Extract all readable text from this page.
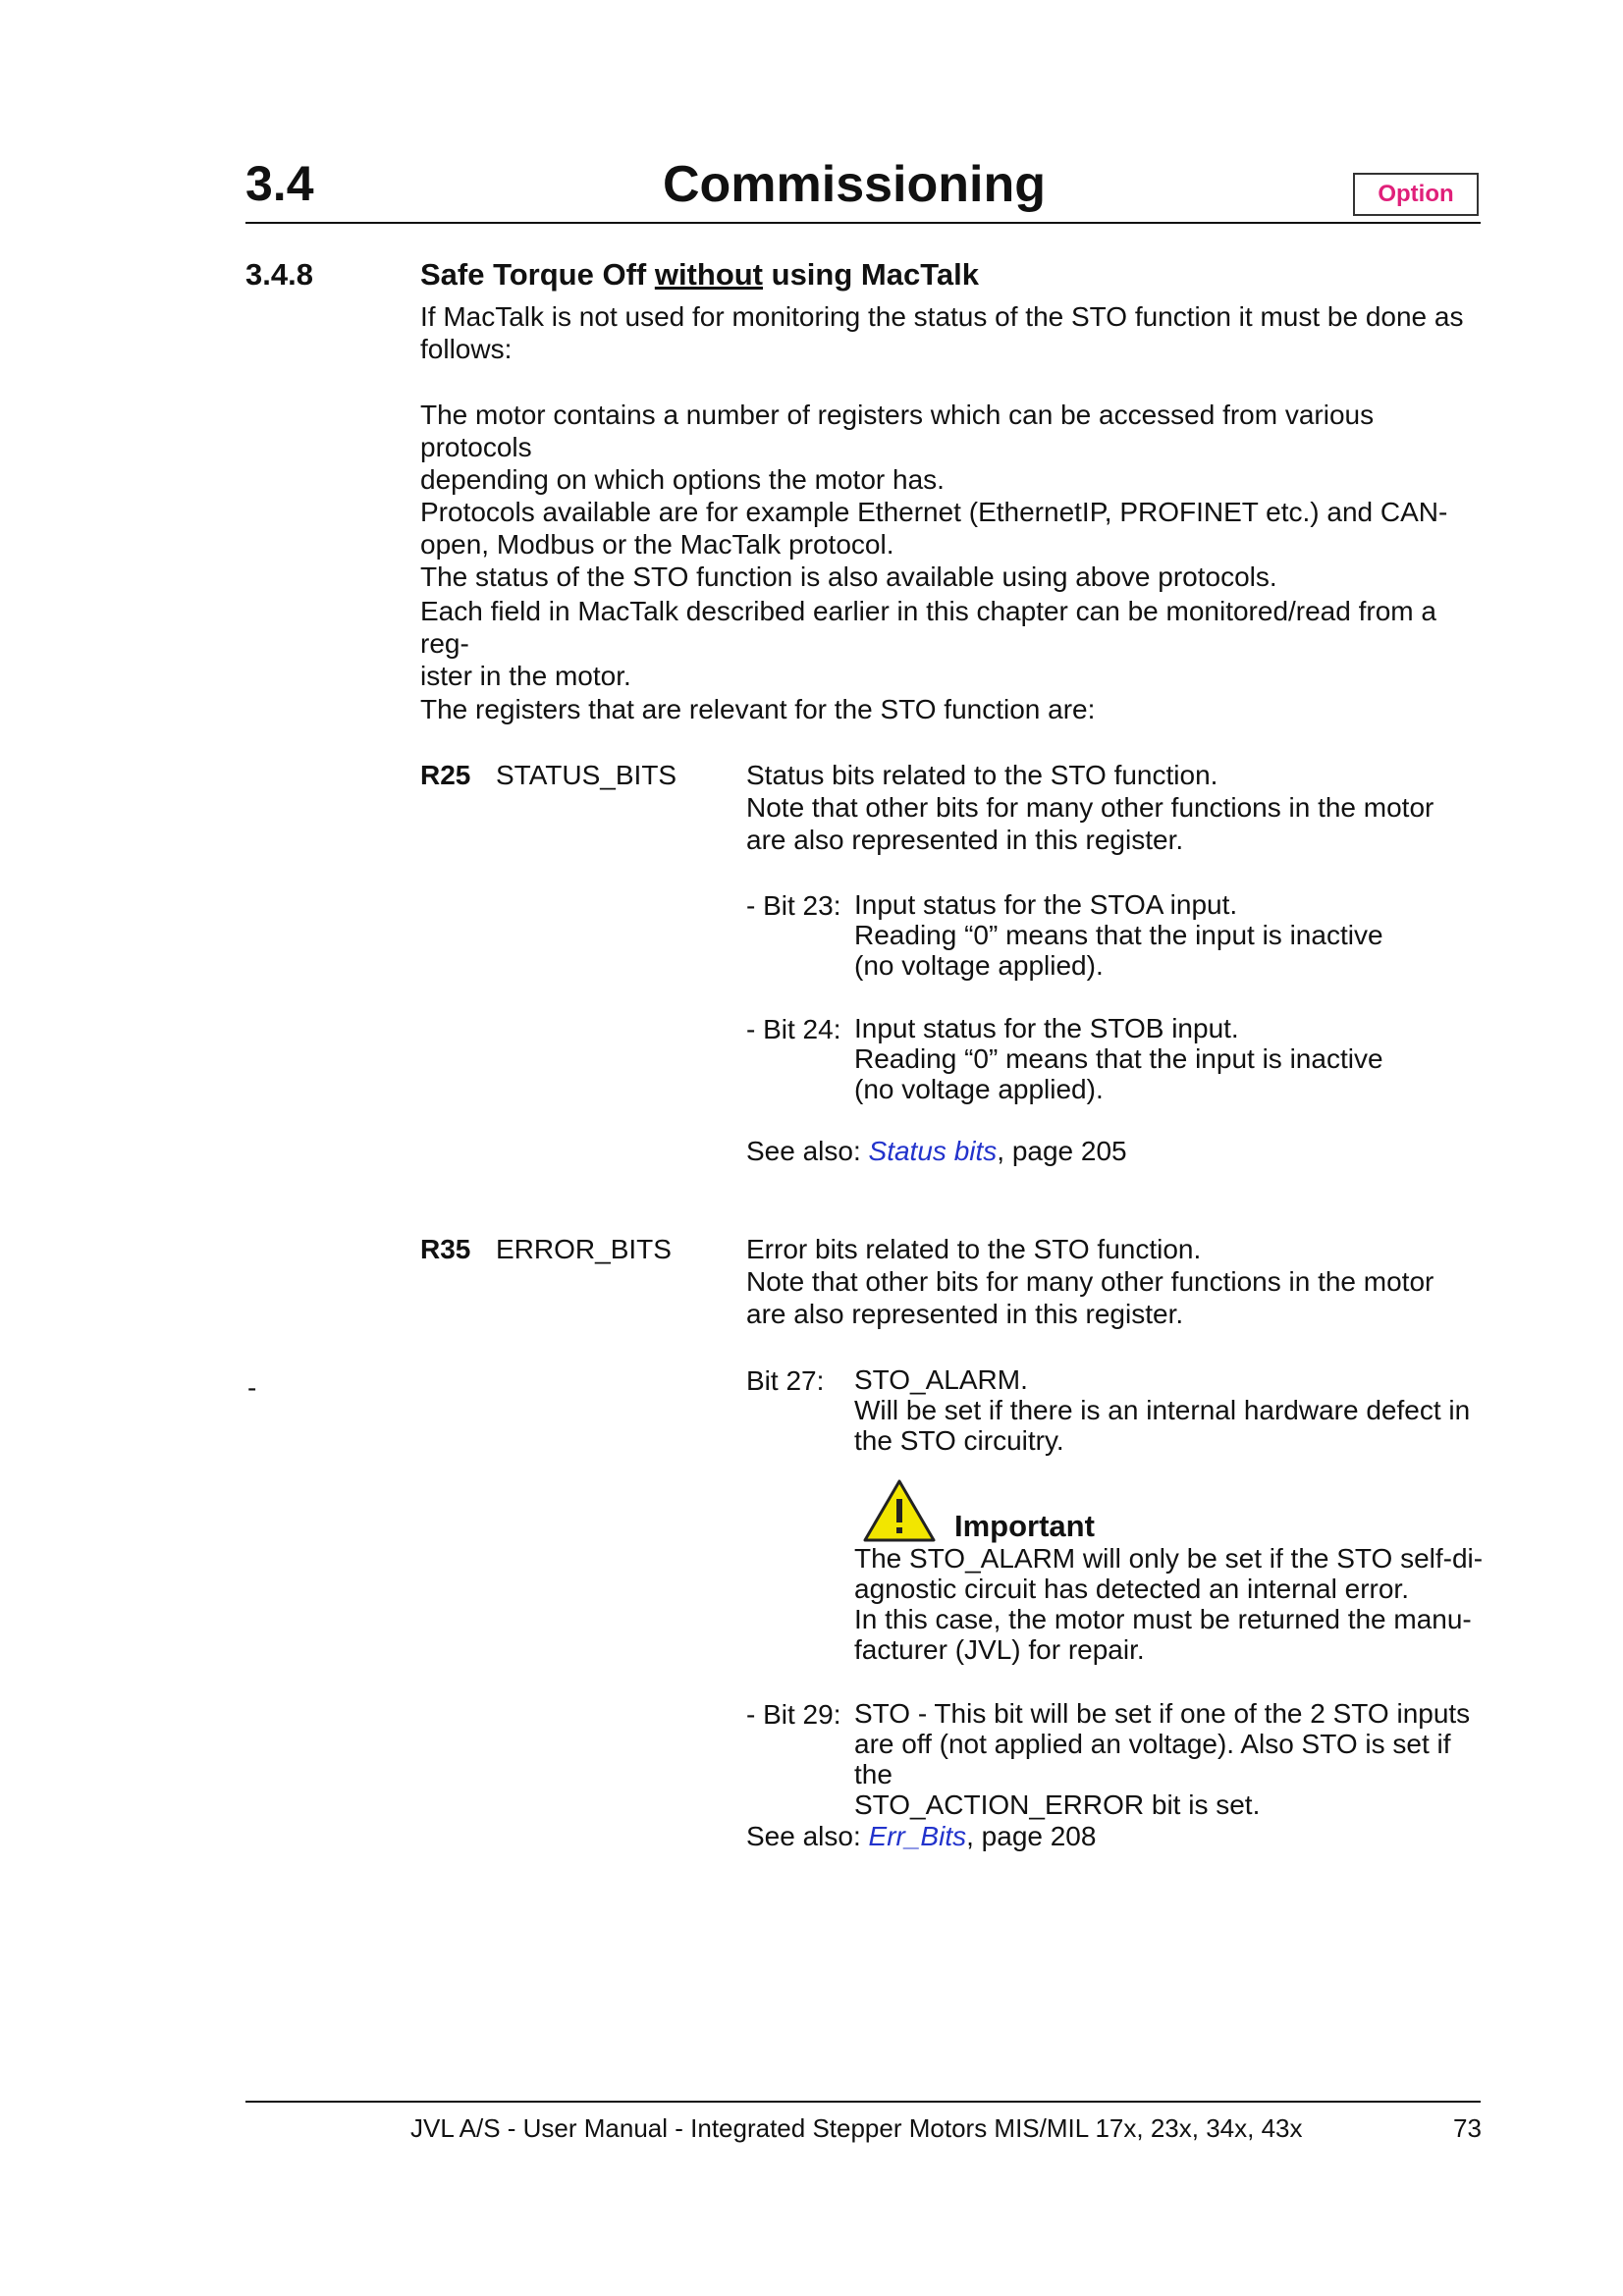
3.4	Commissioning	Option
3.4.8	Safe Torque Off without using MacTalk
If MacTalk is not used for monitoring the status of the STO function it must be done as
follows:
The motor contains a number of registers which can be accessed from various protocols
depending on which options the motor has.
Protocols available are for example Ethernet (EthernetIP, PROFINET etc.) and CAN-
open, Modbus or the MacTalk protocol.
The status of the STO function is also available using above protocols.
Each field in MacTalk described earlier in this chapter can be monitored/read from a reg-
ister in the motor.
The registers that are relevant for the STO function are:
R25 STATUS_BITS	Status bits related to the STO function.
Note that other bits for many other functions in the motor
are also represented in this register.
- Bit 23: Input status for the STOA input.
Reading “0” means that the input is inactive
(no voltage applied).
- Bit 24: Input status for the STOB input.
Reading “0” means that the input is inactive
(no voltage applied).
See also: Status bits, page 205
R35 ERROR_BITS	Error bits related to the STO function.
Note that other bits for many other functions in the motor
are also represented in this register.
-	Bit 27: STO_ALARM.
Will be set if there is an internal hardware defect in
the STO circuitry.
Important
The STO_ALARM will only be set if the STO self-di-
agnostic circuit has detected an internal error.
In this case, the motor must be returned the manu-
facturer (JVL) for repair.
- Bit 29: STO - This bit will be set if one of the 2 STO inputs
are off (not applied an voltage). Also STO is set if the
STO_ACTION_ERROR bit is set.
See also: Err_Bits, page 208
JVL A/S - User Manual - Integrated Stepper Motors MIS/MIL 17x, 23x, 34x, 43x	73
